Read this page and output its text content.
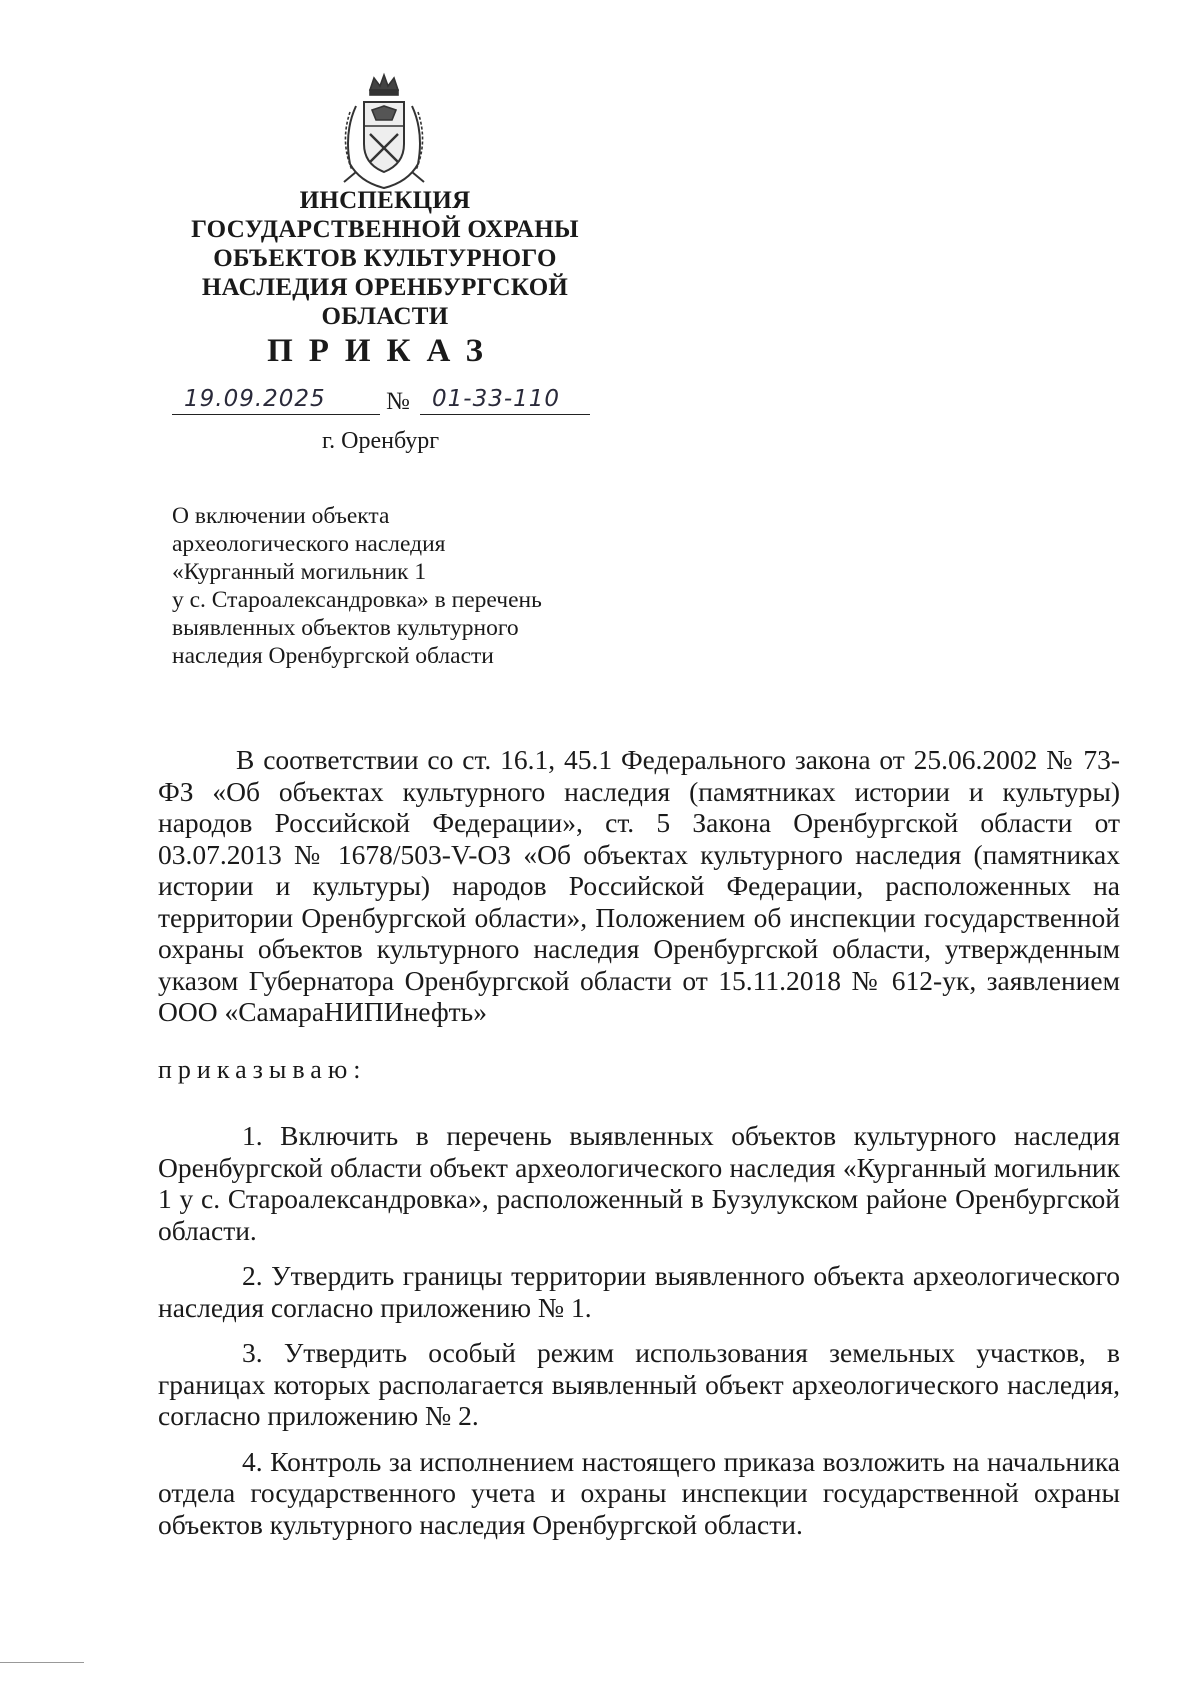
ИНСПЕКЦИЯ
ГОСУДАРСТВЕННОЙ ОХРАНЫ
ОБЪЕКТОВ КУЛЬТУРНОГО
НАСЛЕДИЯ ОРЕНБУРГСКОЙ
ОБЛАСТИ
ПРИКАЗ
19.09.2025 № 01-33-110
г. Оренбург
О включении объекта
археологического наследия
«Курганный могильник 1
у с. Староалександровка» в перечень
выявленных объектов культурного
наследия Оренбургской области

В соответствии со ст. 16.1, 45.1 Федерального закона от 25.06.2002 № 73-ФЗ «Об объектах культурного наследия (памятниках истории и культуры) народов Российской Федерации», ст. 5 Закона Оренбургской области от 03.07.2013 № 1678/503-V-ОЗ «Об объектах культурного наследия (памятниках истории и культуры) народов Российской Федерации, расположенных на территории Оренбургской области», Положением об инспекции государственной охраны объектов культурного наследия Оренбургской области, утвержденным указом Губернатора Оренбургской области от 15.11.2018 № 612-ук, заявлением ООО «СамараНИПИнефть»

приказываю:

1. Включить в перечень выявленных объектов культурного наследия Оренбургской области объект археологического наследия «Курганный могильник 1 у с. Староалександровка», расположенный в Бузулукском районе Оренбургской области.

2. Утвердить границы территории выявленного объекта археологического наследия согласно приложению № 1.

3. Утвердить особый режим использования земельных участков, в границах которых располагается выявленный объект археологического наследия, согласно приложению № 2.

4. Контроль за исполнением настоящего приказа возложить на начальника отдела государственного учета и охраны инспекции государственной охраны объектов культурного наследия Оренбургской области.
